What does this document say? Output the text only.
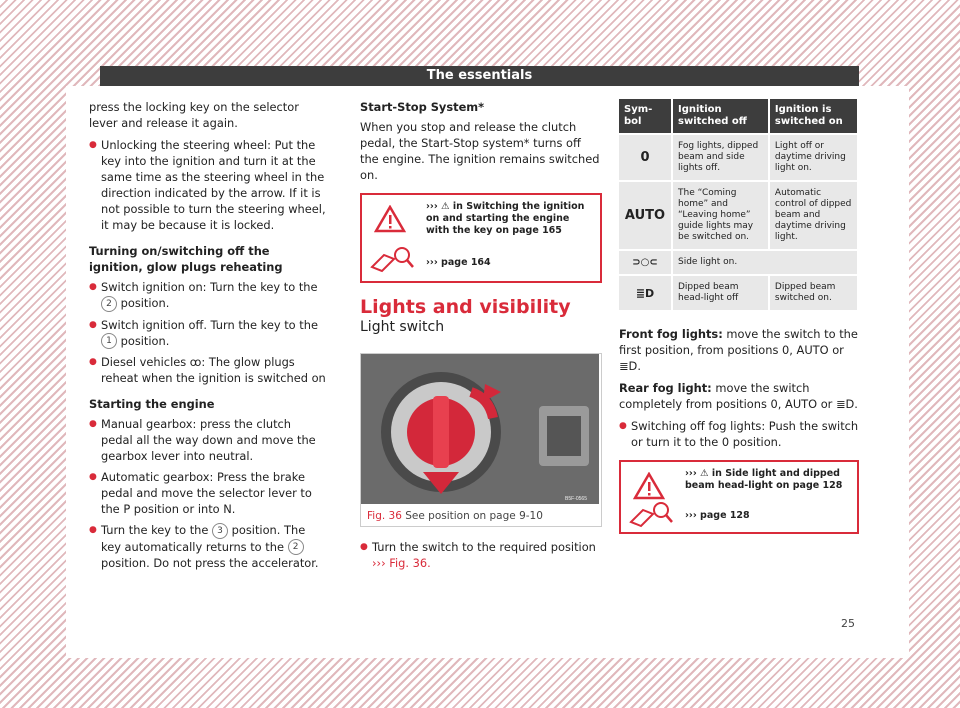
The essentials

press the locking key on the selector lever and release it again.

● Unlocking the steering wheel: Put the key into the ignition and turn it at the same time as the steering wheel in the direction indicated by the arrow. If it is not possible to turn the steering wheel, it may be because it is locked.
Turning on/switching off the ignition, glow plugs reheating
● Switch ignition on: Turn the key to the 2 position.
● Switch ignition off. Turn the key to the 1 position.
● Diesel vehicles ꝏ: The glow plugs reheat when the ignition is switched on
Starting the engine
● Manual gearbox: press the clutch pedal all the way down and move the gearbox lever into neutral.
● Automatic gearbox: Press the brake pedal and move the selector lever to the P position or into N.
● Turn the key to the 3 position. The key automatically returns to the 2 position. Do not press the accelerator.
Start-Stop System*

When you stop and release the clutch pedal, the Start-Stop system* turns off the engine. The ignition remains switched on.

››› ⚠ in Switching the ignition on and starting the engine with the key on page 165
››› page 164
Lights and visibility
Light switch
B5F-0565
Fig. 36 See position on page 9-10
● Turn the switch to the required position
››› Fig. 36.
Sym-bol	Ignition switched off	Ignition is switched on
0	Fog lights, dipped beam and side lights off.	Light off or daytime driving light on.
AUTO	The “Coming home” and “Leaving home” guide lights may be switched on.	Automatic control of dipped beam and daytime driving light.
⊃○⊂	Side light on.	
≣D	Dipped beam head-light off	Dipped beam switched on.

Front fog lights: move the switch to the first position, from positions 0, AUTO or ≣D.

Rear fog light: move the switch completely from positions 0, AUTO or ≣D.

● Switching off fog lights: Push the switch or turn it to the 0 position.
››› ⚠ in Side light and dipped beam head-light on page 128
››› page 128
25
